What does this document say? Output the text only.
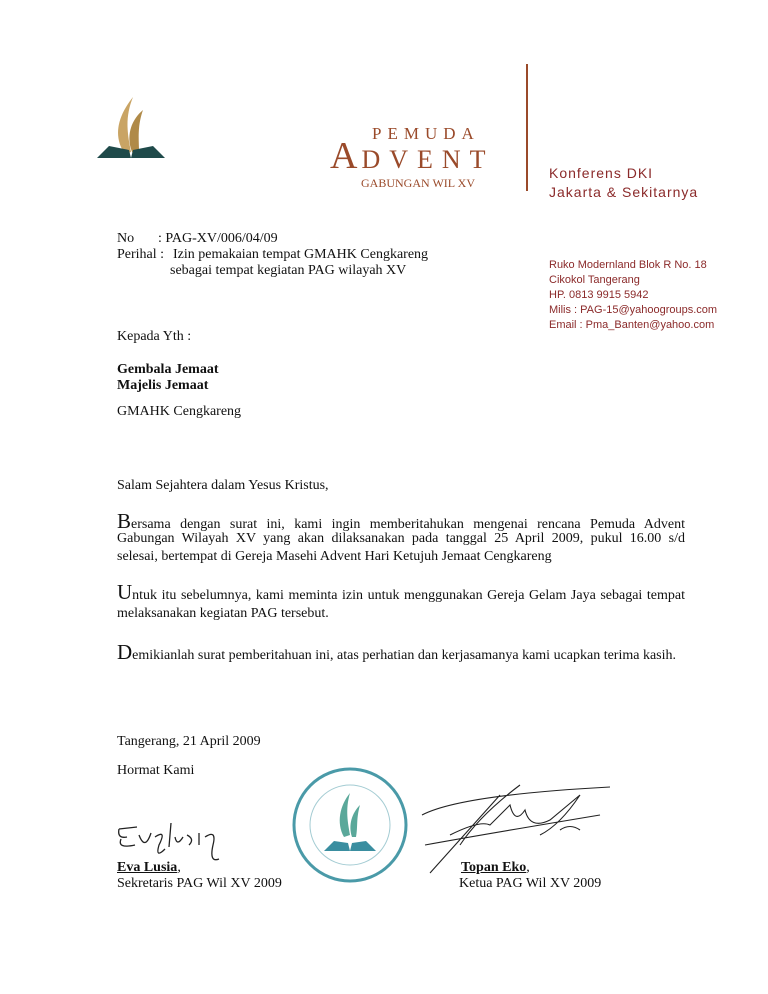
PEMUDA
A DVENT
GABUNGAN WIL XV
Konferens DKI
Jakarta & Sekitarnya
Ruko Modernland Blok R No. 18
Cikokol Tangerang
HP. 0813 9915 5942
Milis : PAG-15@yahoogroups.com
Email : Pma_Banten@yahoo.com
No : PAG-XV/006/04/09
Perihal : Izin pemakaian tempat GMAHK Cengkareng
sebagai tempat kegiatan PAG wilayah XV
Kepada Yth :
Gembala Jemaat
Majelis Jemaat
GMAHK Cengkareng
Salam Sejahtera dalam Yesus Kristus,
Bersama dengan surat ini, kami ingin memberitahukan mengenai rencana Pemuda Advent
Gabungan Wilayah XV yang akan dilaksanakan pada tanggal 25 April 2009, pukul 16.00 s/d
selesai, bertempat di Gereja Masehi Advent Hari Ketujuh Jemaat Cengkareng
Untuk itu sebelumnya, kami meminta izin untuk menggunakan Gereja Gelam Jaya sebagai tempat
melaksanakan kegiatan PAG tersebut.
Demikianlah surat pemberitahuan ini, atas perhatian dan kerjasamanya kami ucapkan terima kasih.
Tangerang, 21 April 2009
Hormat Kami
Eva Lusia,
Sekretaris PAG Wil XV 2009
Topan Eko,
Ketua PAG Wil XV 2009
